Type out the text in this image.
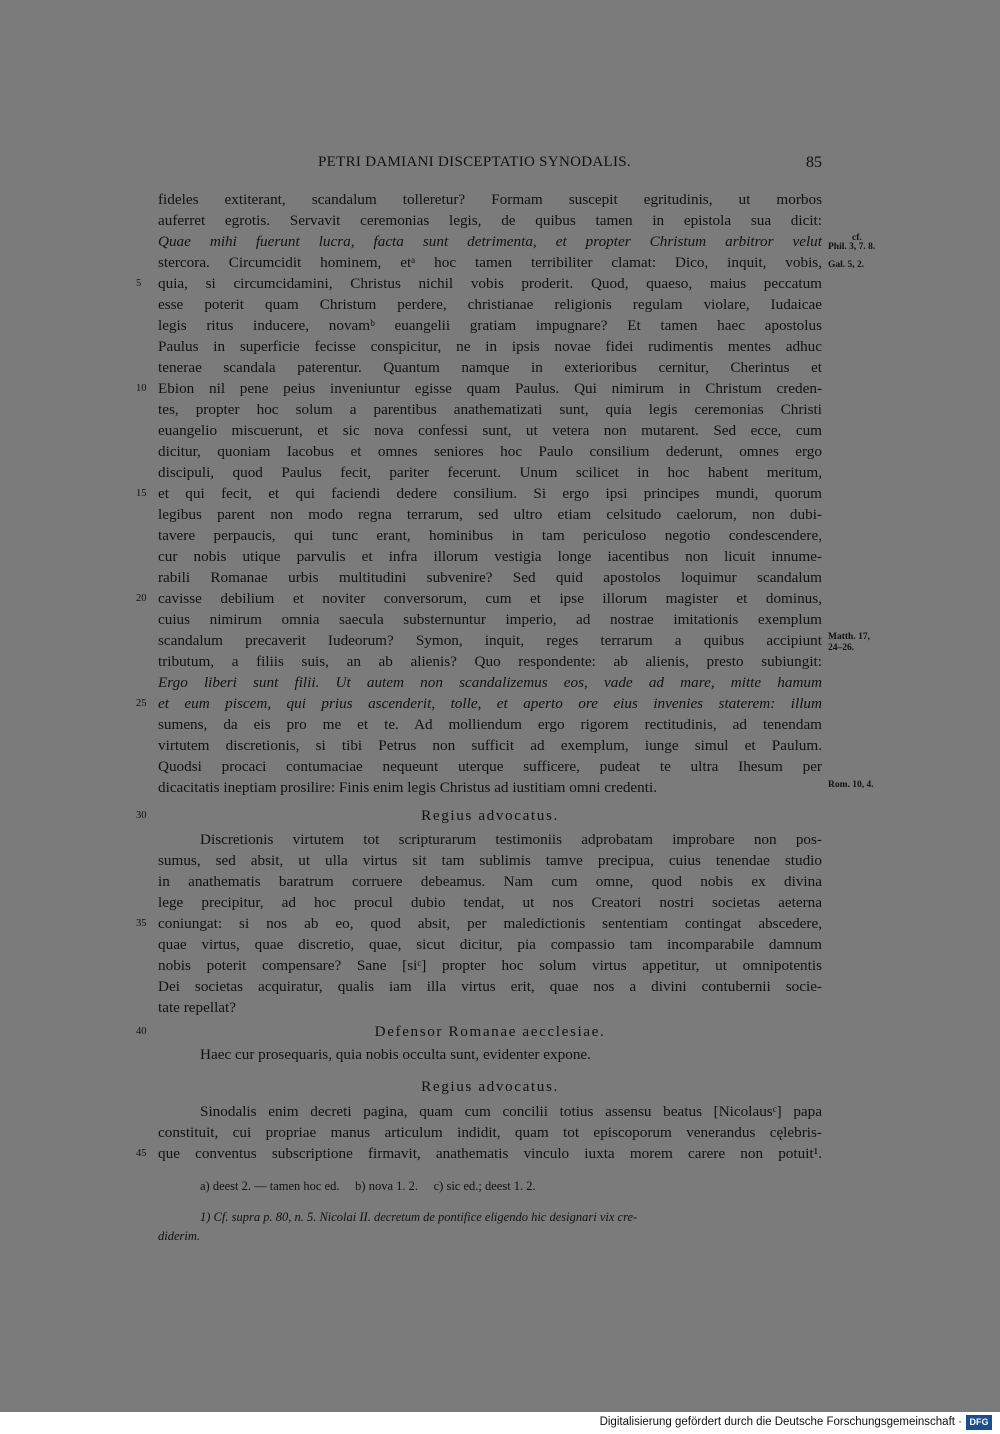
PETRI DAMIANI DISCEPTATIO SYNODALIS.	85
fideles extiterant, scandalum tolleretur? Formam suscepit egritudinis, ut morbos
auferret egrotis. Servavit ceremonias legis, de quibus tamen in epistola sua dicit:
Quae mihi fuerunt lucra, facta sunt detrimenta, et propter Christum arbitror velut
stercora. Circumcidit hominem, etᵃ hoc tamen terribiliter clamat: Dico, inquit, vobis,
quia, si circumcidamini, Christus nichil vobis proderit. Quod, quaeso, maius peccatum
esse poterit quam Christum perdere, christianae religionis regulam violare, Iudaicae
legis ritus inducere, novamᵇ euangelii gratiam impugnare? Et tamen haec apostolus
Paulus in superficie fecisse conspicitur, ne in ipsis novae fidei rudimentis mentes adhuc
tenerae scandala paterentur. Quantum namque in exterioribus cernitur, Cherintus et
Ebion nil pene peius inveniuntur egisse quam Paulus. Qui nimirum in Christum creden-
tes, propter hoc solum a parentibus anathematizati sunt, quia legis ceremonias Christi
euangelio miscuerunt, et sic nova confessi sunt, ut vetera non mutarent. Sed ecce, cum
dicitur, quoniam Iacobus et omnes seniores hoc Paulo consilium dederunt, omnes ergo
discipuli, quod Paulus fecit, pariter fecerunt. Unum scilicet in hoc habent meritum,
et qui fecit, et qui faciendi dedere consilium. Si ergo ipsi principes mundi, quorum
legibus parent non modo regna terrarum, sed ultro etiam celsitudo caelorum, non dubi-
tavere perpaucis, qui tunc erant, hominibus in tam periculoso negotio condescendere,
cur nobis utique parvulis et infra illorum vestigia longe iacentibus non licuit innume-
rabili Romanae urbis multitudini subvenire? Sed quid apostolos loquimur scandalum
cavisse debilium et noviter conversorum, cum et ipse illorum magister et dominus,
cuius nimirum omnia saecula substernuntur imperio, ad nostrae imitationis exemplum
scandalum precaverit Iudeorum? Symon, inquit, reges terrarum a quibus accipiunt
tributum, a filiis suis, an ab alienis? Quo respondente: ab alienis, presto subiungit:
Ergo liberi sunt filii. Ut autem non scandalizemus eos, vade ad mare, mitte hamum
et eum piscem, qui prius ascenderit, tolle, et aperto ore eius invenies staterem: illum
sumens, da eis pro me et te. Ad molliendum ergo rigorem rectitudinis, ad tenendam
virtutem discretionis, si tibi Petrus non sufficit ad exemplum, iunge simul et Paulum.
Quodsi procaci contumaciae nequeunt uterque sufficere, pudeat te ultra Ihesum per
dicacitatis ineptiam prosilire: Finis enim legis Christus ad iustitiam omni credenti.
Regius advocatus.
Discretionis virtutem tot scripturarum testimoniis adprobatam improbare non pos-
sumus, sed absit, ut ulla virtus sit tam sublimis tamve precipua, cuius tenendae studio
in anathematis baratrum corruere debeamus. Nam cum omne, quod nobis ex divina
lege precipitur, ad hoc procul dubio tendat, ut nos Creatori nostri societas aeterna
coniungat: si nos ab eo, quod absit, per maledictionis sententiam contingat abscedere,
quae virtus, quae discretio, quae, sicut dicitur, pia compassio tam incomparabile damnum
nobis poterit compensare? Sane [siᶜ] propter hoc solum virtus appetitur, ut omnipotentis
Dei societas acquiratur, qualis iam illa virtus erit, quae nos a divini contubernii socie-
tate repellat?
Defensor Romanae aecclesiae.
Haec cur prosequaris, quia nobis occulta sunt, evidenter expone.
Regius advocatus.
Sinodalis enim decreti pagina, quam cum concilii totius assensu beatus [Nicolausᶜ] papa
constituit, cui propriae manus articulum indidit, quam tot episcoporum venerandus cęlebris-
que conventus subscriptione firmavit, anathematis vinculo iuxta morem carere non potuit¹.
5
10
15
20
25
30
35
40
45
cf.
Phil. 3, 7. 8.
Gal. 5, 2.
Matth. 17,
24–26.
Rom. 10, 4.
a) deest 2. — tamen hoc ed.     b) nova 1. 2.     c) sic ed.; deest 1. 2.
1) Cf. supra p. 80, n. 5. Nicolai II. decretum de pontifice eligendo hic designari vix cre-
diderim.
Digitalisierung gefördert durch die Deutsche Forschungsgemeinschaft · DFG
